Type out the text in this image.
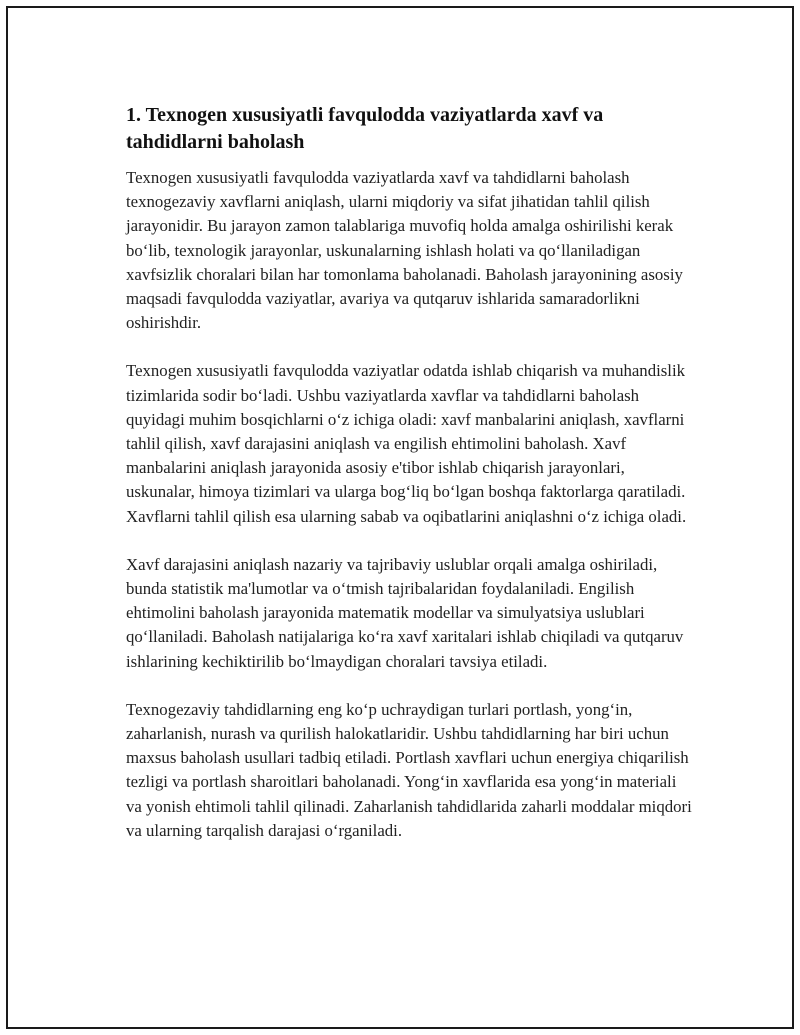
1. Texnogen xususiyatli favqulodda vaziyatlarda xavf va tahdidlarni baholash

Texnogen xususiyatli favqulodda vaziyatlarda xavf va tahdidlarni baholash texnogezaviy xavflarni aniqlash, ularni miqdoriy va sifat jihatidan tahlil qilish jarayonidir. Bu jarayon zamon talablariga muvofiq holda amalga oshirilishi kerak bo‘lib, texnologik jarayonlar, uskunalarning ishlash holati va qo‘llaniladigan xavfsizlik choralari bilan har tomonlama baholanadi. Baholash jarayonining asosiy maqsadi favqulodda vaziyatlar, avariya va qutqaruv ishlarida samaradorlikni oshirishdir.

Texnogen xususiyatli favqulodda vaziyatlar odatda ishlab chiqarish va muhandislik tizimlarida sodir bo‘ladi. Ushbu vaziyatlarda xavflar va tahdidlarni baholash quyidagi muhim bosqichlarni o‘z ichiga oladi: xavf manbalarini aniqlash, xavflarni tahlil qilish, xavf darajasini aniqlash va engilish ehtimolini baholash. Xavf manbalarini aniqlash jarayonida asosiy e'tibor ishlab chiqarish jarayonlari, uskunalar, himoya tizimlari va ularga bog‘liq bo‘lgan boshqa faktorlarga qaratiladi. Xavflarni tahlil qilish esa ularning sabab va oqibatlarini aniqlashni o‘z ichiga oladi.

Xavf darajasini aniqlash nazariy va tajribaviy uslublar orqali amalga oshiriladi, bunda statistik ma'lumotlar va o‘tmish tajribalaridan foydalaniladi. Engilish ehtimolini baholash jarayonida matematik modellar va simulyatsiya uslublari qo‘llaniladi. Baholash natijalariga ko‘ra xavf xaritalari ishlab chiqiladi va qutqaruv ishlarining kechiktirilib bo‘lmaydigan choralari tavsiya etiladi.

Texnogezaviy tahdidlarning eng ko‘p uchraydigan turlari portlash, yong‘in, zaharlanish, nurash va qurilish halokatlaridir. Ushbu tahdidlarning har biri uchun maxsus baholash usullari tadbiq etiladi. Portlash xavflari uchun energiya chiqarilish tezligi va portlash sharoitlari baholanadi. Yong‘in xavflarida esa yong‘in materiali va yonish ehtimoli tahlil qilinadi. Zaharlanish tahdidlarida zaharli moddalar miqdori va ularning tarqalish darajasi o‘rganiladi.
